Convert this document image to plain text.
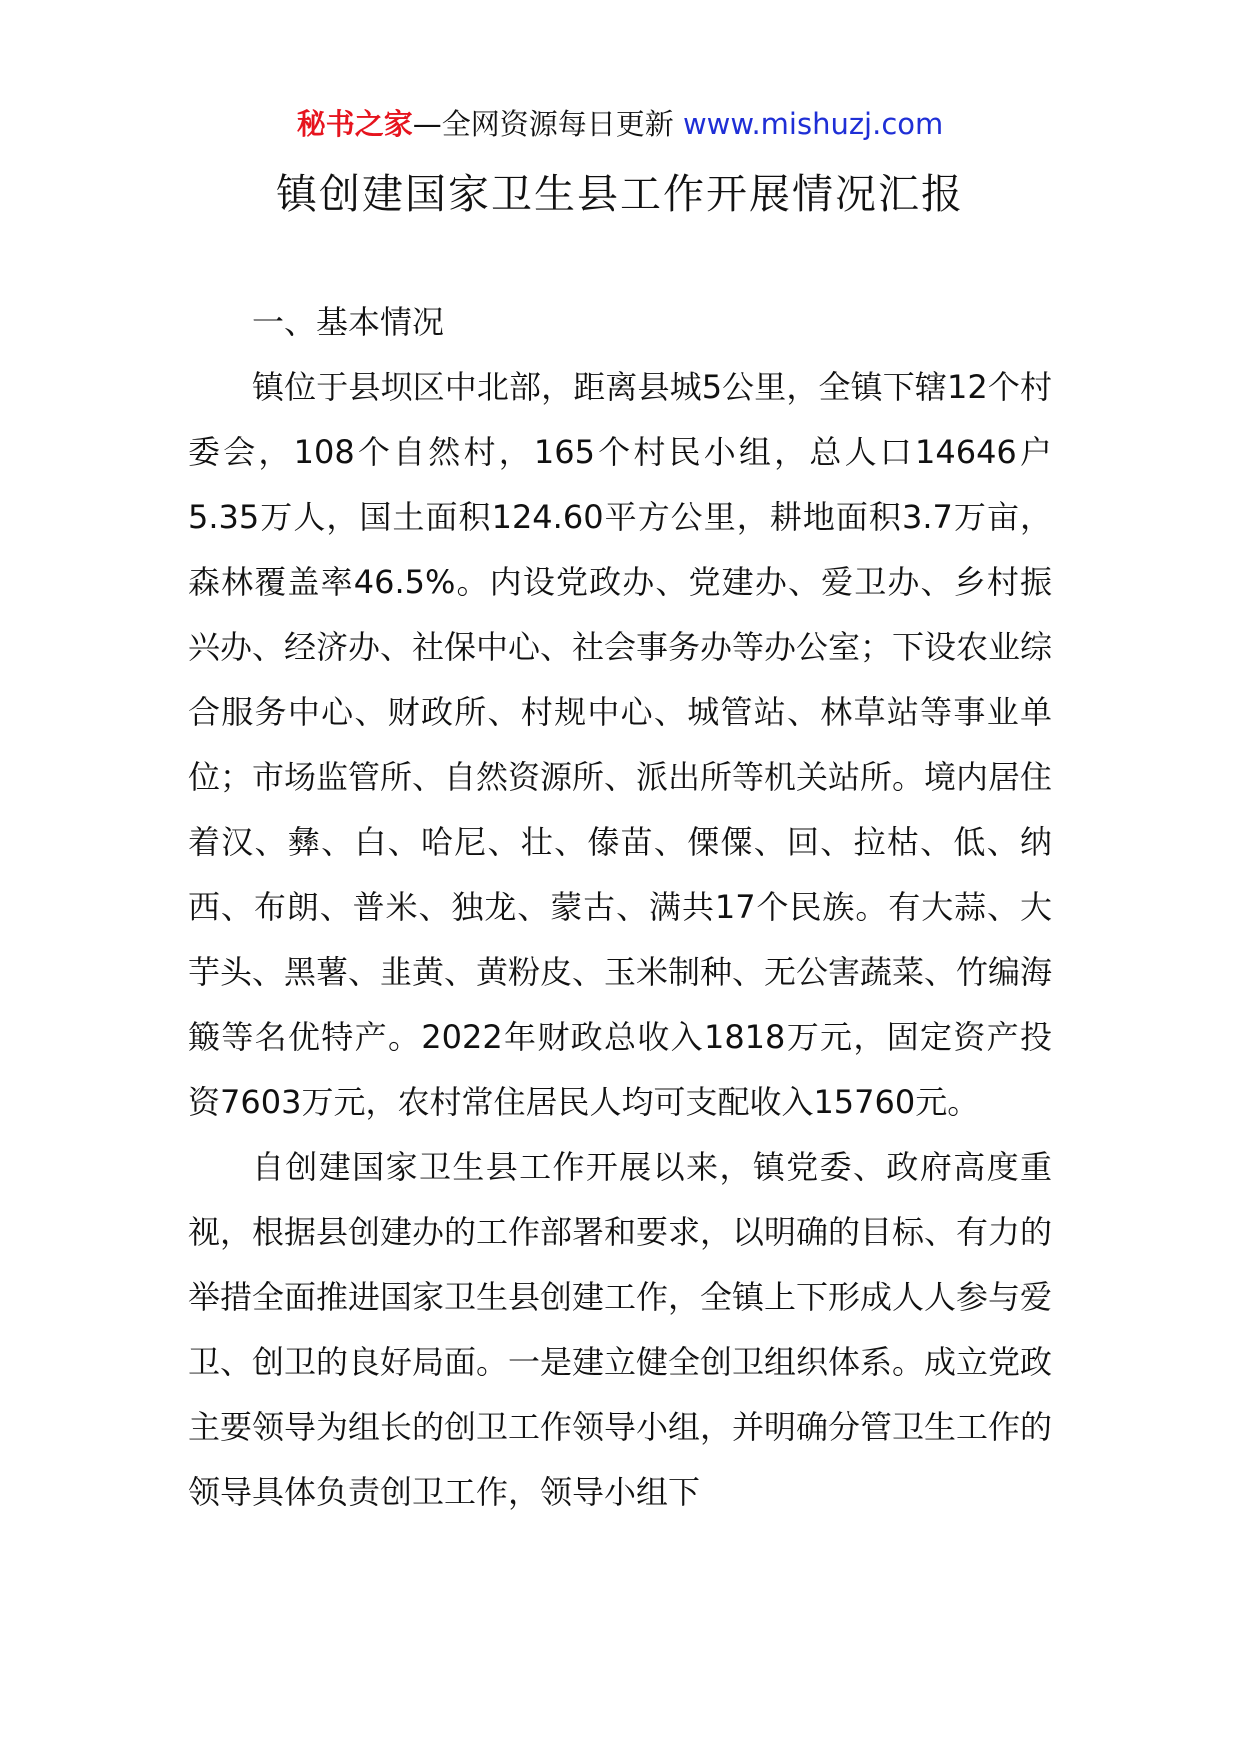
秘书之家—全网资源每日更新 www.mishuzj.com
镇创建国家卫生县工作开展情况汇报
一、基本情况

镇位于县坝区中北部，距离县城5公里，全镇下辖12个村委会，108个自然村，165个村民小组，总人口14646户5.35万人，国土面积124.60平方公里，耕地面积3.7万亩，森林覆盖率46.5%。内设党政办、党建办、爱卫办、乡村振兴办、经济办、社保中心、社会事务办等办公室；下设农业综合服务中心、财政所、村规中心、城管站、林草站等事业单位；市场监管所、自然资源所、派出所等机关站所。境内居住着汉、彝、白、哈尼、壮、傣苗、傈僳、回、拉枯、低、纳西、布朗、普米、独龙、蒙古、满共17个民族。有大蒜、大芋头、黑薯、韭黄、黄粉皮、玉米制种、无公害蔬菜、竹编海簸等名优特产。2022年财政总收入1818万元，固定资产投资7603万元，农村常住居民人均可支配收入15760元。

自创建国家卫生县工作开展以来，镇党委、政府高度重视，根据县创建办的工作部署和要求，以明确的目标、有力的举措全面推进国家卫生县创建工作，全镇上下形成人人参与爱卫、创卫的良好局面。一是建立健全创卫组织体系。成立党政主要领导为组长的创卫工作领导小组，并明确分管卫生工作的领导具体负责创卫工作，领导小组下
